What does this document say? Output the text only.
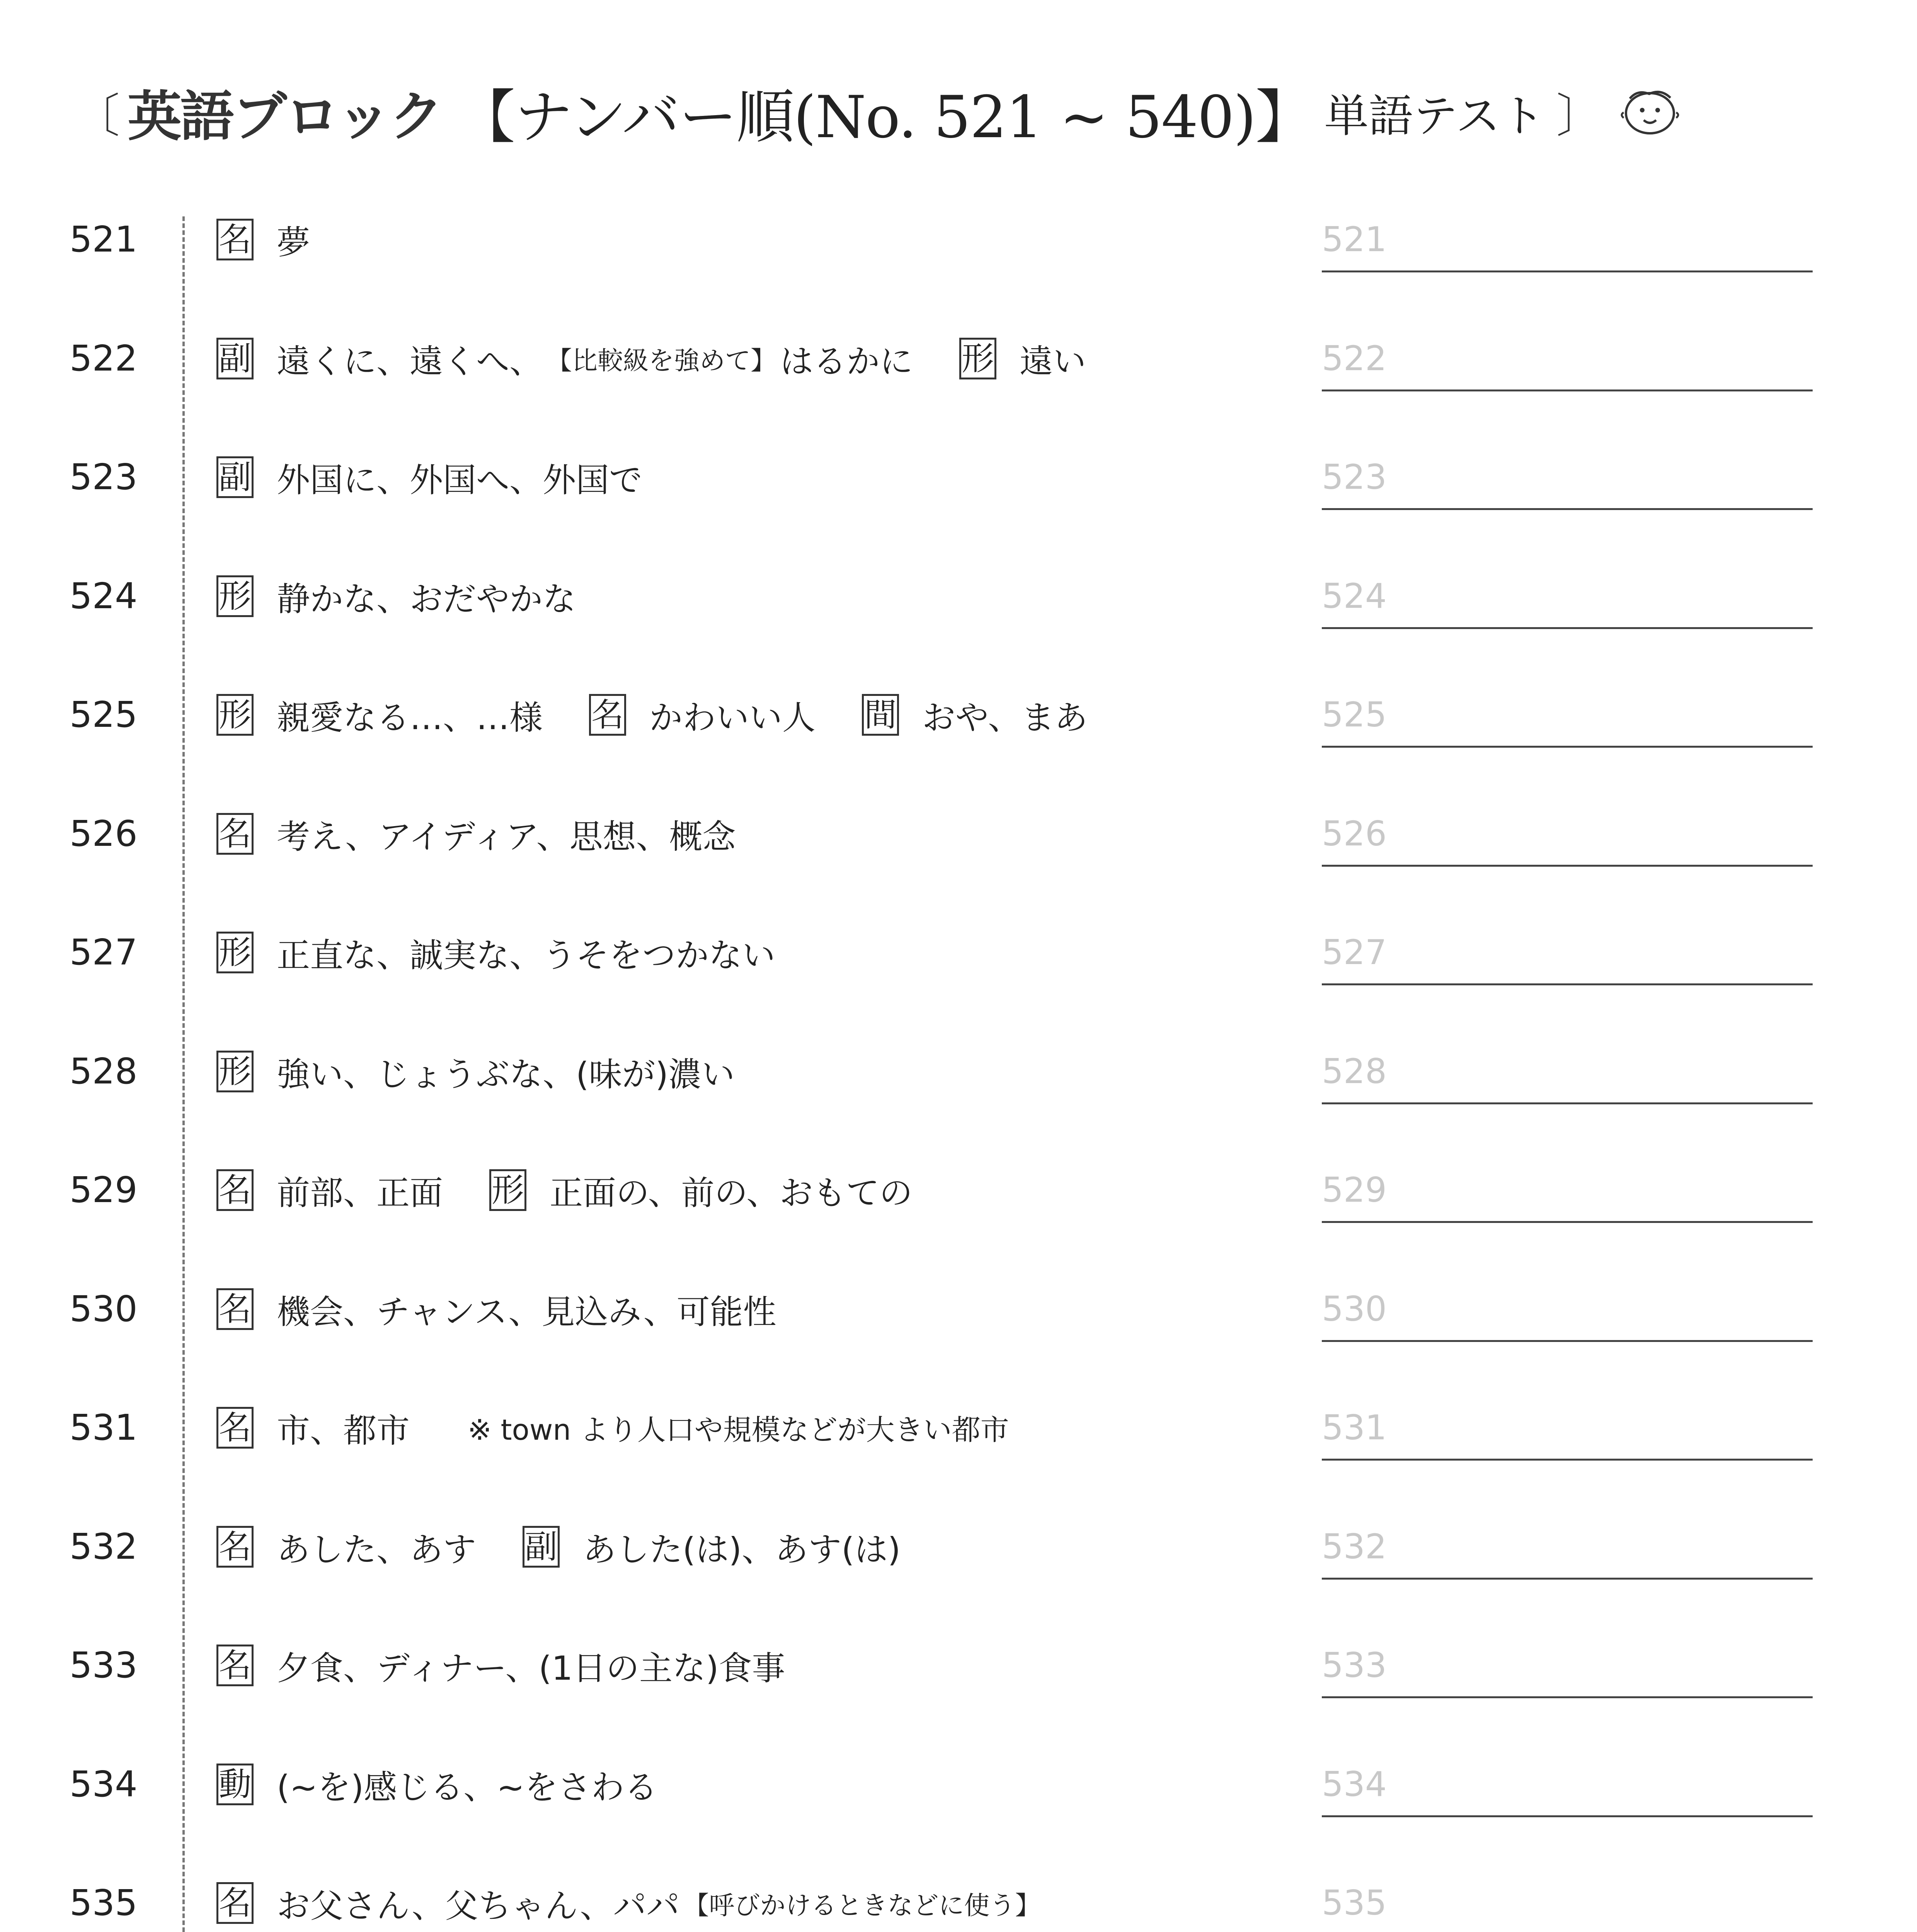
〔 英語ブロック 【ナンバー順(No. 521 ~ 540)】 単語テスト 〕
521	名 夢	521
522	副 遠くに、遠くへ、 【比較級を強めて】 はるかに 形 遠い	522
523	副 外国に、外国へ、外国で	523
524	形 静かな、おだやかな	524
525	形 親愛なる…、…様 名 かわいい人 間 おや、まあ	525
526	名 考え、アイディア、思想、概念	526
527	形 正直な、誠実な、うそをつかない	527
528	形 強い、じょうぶな、(味が)濃い	528
529	名 前部、正面 形 正面の、前の、おもての	529
530	名 機会、チャンス、見込み、可能性	530
531	名 市、都市 ※ town より人口や規模などが大きい都市	531
532	名 あした、あす 副 あした(は)、あす(は)	532
533	名 夕食、ディナー、(1日の主な)食事	533
534	動 (~を)感じる、~をさわる	534
535	名 お父さん、父ちゃん、パパ 【呼びかけるときなどに使う】	535
